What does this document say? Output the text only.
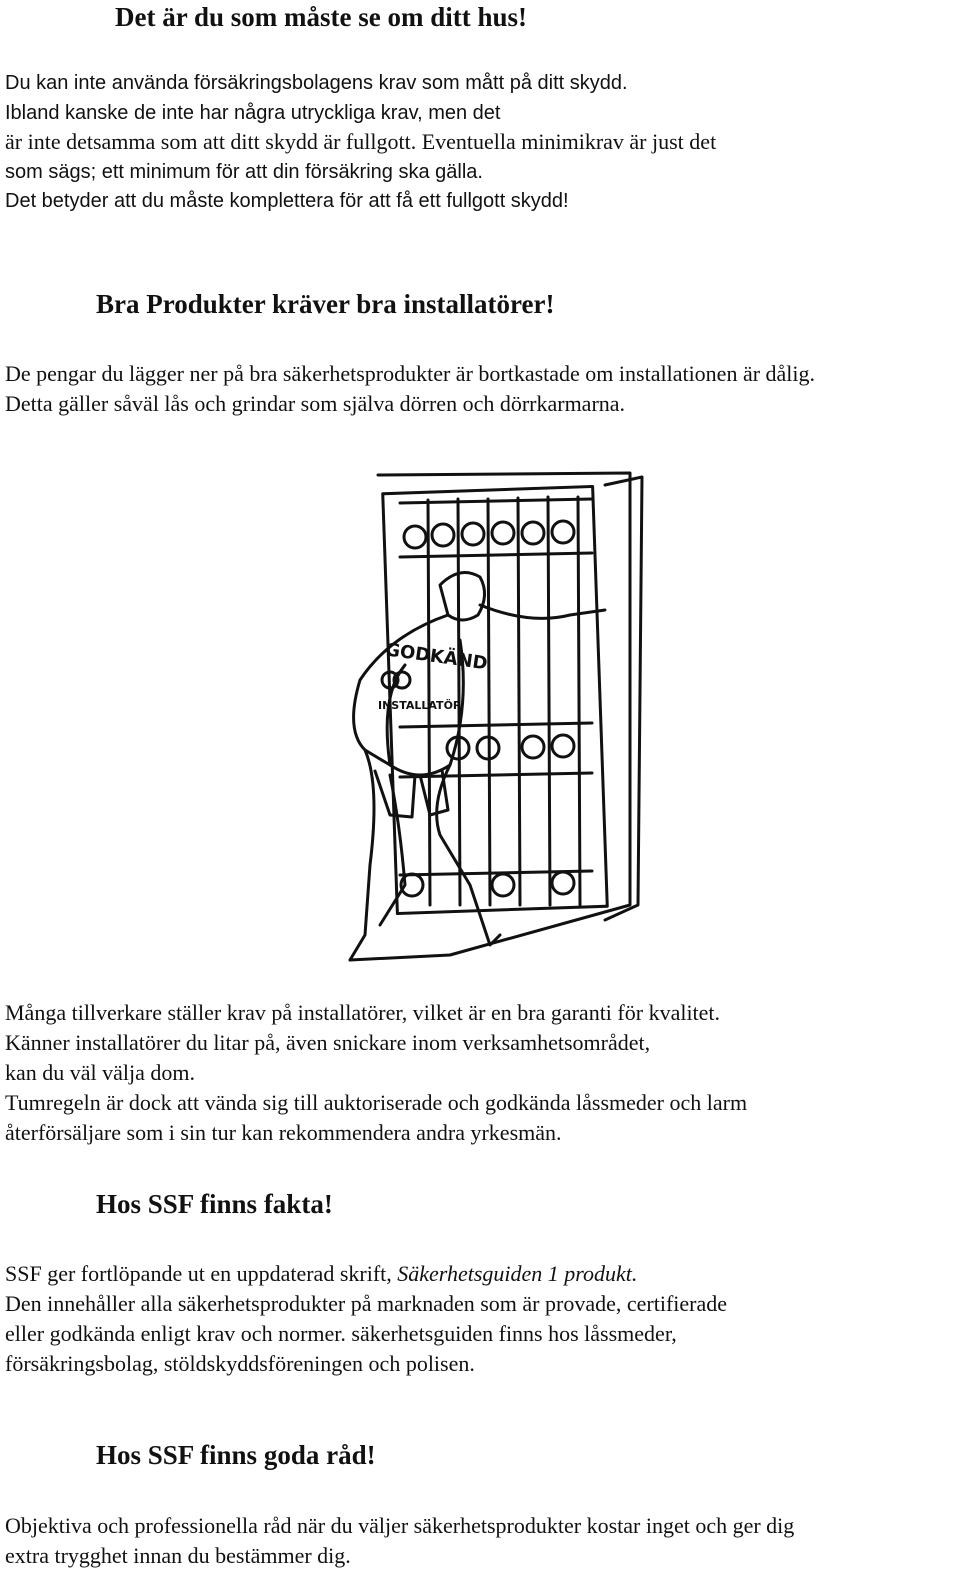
Det är du som måste se om ditt hus!
Du kan inte använda försäkringsbolagens krav som mått på ditt skydd.
Ibland kanske de inte har några utryckliga krav, men det
är inte detsamma som att ditt skydd är fullgott. Eventuella minimikrav är just det
som sägs; ett minimum för att din försäkring ska gälla.
Det betyder att du måste komplettera för att få ett fullgott skydd!
Bra Produkter kräver bra installatörer!
De pengar du lägger ner på bra säkerhetsprodukter är bortkastade om installationen är dålig.
Detta gäller såväl lås och grindar som själva dörren och dörrkarmarna.
GODKÄND
INSTALLATÖR
Många tillverkare ställer krav på installatörer, vilket är en bra garanti för kvalitet.
Känner installatörer du litar på, även snickare inom verksamhetsområdet,
kan du väl välja dom.
Tumregeln är dock att vända sig till auktoriserade och godkända låssmeder och larm
återförsäljare som i sin tur kan rekommendera andra yrkesmän.
Hos SSF finns fakta!
SSF ger fortlöpande ut en uppdaterad skrift, Säkerhetsguiden 1 produkt.
Den innehåller alla säkerhetsprodukter på marknaden som är provade, certifierade
eller godkända enligt krav och normer. säkerhetsguiden finns hos låssmeder,
försäkringsbolag, stöldskyddsföreningen och polisen.
Hos SSF finns goda råd!
Objektiva och professionella råd när du väljer säkerhetsprodukter kostar inget och ger dig
extra trygghet innan du bestämmer dig.
